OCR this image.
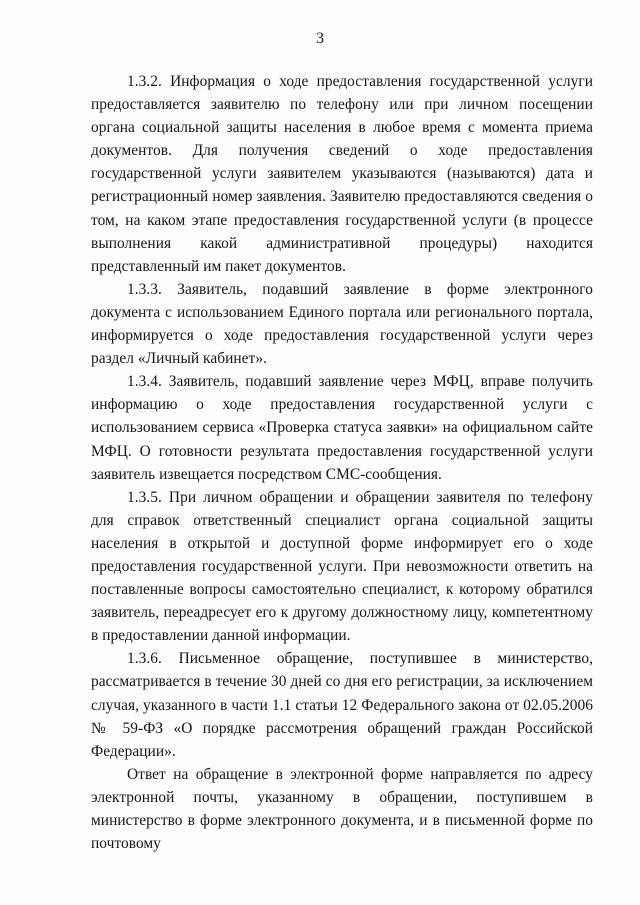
3

1.3.2. Информация о ходе предоставления государственной услуги предоставляется заявителю по телефону или при личном посещении органа социальной защиты населения в любое время с момента приема документов. Для получения сведений о ходе предоставления государственной услуги заявителем указываются (называются) дата и регистрационный номер заявления. Заявителю предоставляются сведения о том, на каком этапе предоставления государственной услуги (в процессе выполнения какой административной процедуры) находится представленный им пакет документов.

1.3.3. Заявитель, подавший заявление в форме электронного документа с использованием Единого портала или регионального портала, информируется о ходе предоставления государственной услуги через раздел «Личный кабинет».

1.3.4. Заявитель, подавший заявление через МФЦ, вправе получить информацию о ходе предоставления государственной услуги с использованием сервиса «Проверка статуса заявки» на официальном сайте МФЦ. О готовности результата предоставления государственной услуги заявитель извещается посредством СМС-сообщения.

1.3.5. При личном обращении и обращении заявителя по телефону для справок ответственный специалист органа социальной защиты населения в открытой и доступной форме информирует его о ходе предоставления государственной услуги. При невозможности ответить на поставленные вопросы самостоятельно специалист, к которому обратился заявитель, переадресует его к другому должностному лицу, компетентному в предоставлении данной информации.

1.3.6. Письменное обращение, поступившее в министерство, рассматривается в течение 30 дней со дня его регистрации, за исключением случая, указанного в части 1.1 статьи 12 Федерального закона от 02.05.2006 № 59-ФЗ «О порядке рассмотрения обращений граждан Российской Федерации».

Ответ на обращение в электронной форме направляется по адресу электронной почты, указанному в обращении, поступившем в министерство в форме электронного документа, и в письменной форме по почтовому
